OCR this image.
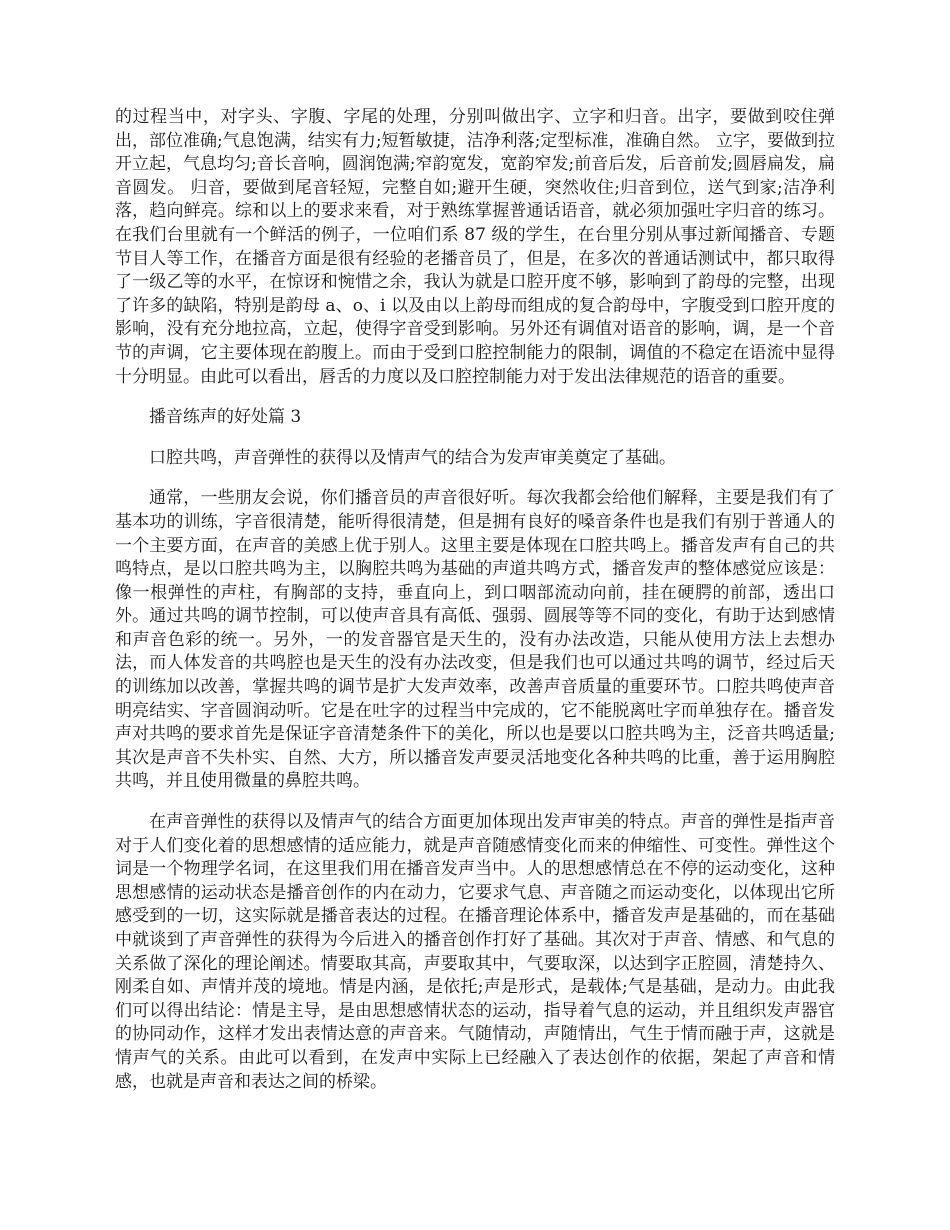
的过程当中，对字头、字腹、字尾的处理，分别叫做出字、立字和归音。出字，要做到咬住弹出，部位准确;气息饱满，结实有力;短暂敏捷，洁净利落;定型标准，准确自然。 立字，要做到拉开立起，气息均匀;音长音响，圆润饱满;窄韵宽发，宽韵窄发;前音后发，后音前发;圆唇扁发，扁音圆发。 归音，要做到尾音轻短，完整自如;避开生硬，突然收住;归音到位，送气到家;洁净利落，趋向鲜亮。综和以上的要求来看，对于熟练掌握普通话语音，就必须加强吐字归音的练习。在我们台里就有一个鲜活的例子，一位咱们系 87 级的学生，在台里分别从事过新闻播音、专题节目人等工作，在播音方面是很有经验的老播音员了，但是，在多次的普通话测试中，都只取得了一级乙等的水平，在惊讶和惋惜之余，我认为就是口腔开度不够，影响到了韵母的完整，出现了许多的缺陷，特别是韵母 a、o、i 以及由以上韵母而组成的复合韵母中，字腹受到口腔开度的影响，没有充分地拉高，立起，使得字音受到影响。另外还有调值对语音的影响，调，是一个音节的声调，它主要体现在韵腹上。而由于受到口腔控制能力的限制，调值的不稳定在语流中显得十分明显。由此可以看出，唇舌的力度以及口腔控制能力对于发出法律规范的语音的重要。

播音练声的好处篇 3

口腔共鸣，声音弹性的获得以及情声气的结合为发声审美奠定了基础。

通常，一些朋友会说，你们播音员的声音很好听。每次我都会给他们解释，主要是我们有了基本功的训练，字音很清楚，能听得很清楚，但是拥有良好的嗓音条件也是我们有别于普通人的一个主要方面，在声音的美感上优于别人。这里主要是体现在口腔共鸣上。播音发声有自己的共鸣特点，是以口腔共鸣为主，以胸腔共鸣为基础的声道共鸣方式，播音发声的整体感觉应该是：像一根弹性的声柱，有胸部的支持，垂直向上，到口咽部流动向前，挂在硬腭的前部，透出口外。通过共鸣的调节控制，可以使声音具有高低、强弱、圆展等等不同的变化，有助于达到感情和声音色彩的统一。另外，一的发音器官是天生的，没有办法改造，只能从使用方法上去想办法，而人体发音的共鸣腔也是天生的没有办法改变，但是我们也可以通过共鸣的调节，经过后天的训练加以改善，掌握共鸣的调节是扩大发声效率，改善声音质量的重要环节。口腔共鸣使声音明亮结实、字音圆润动听。它是在吐字的过程当中完成的，它不能脱离吐字而单独存在。播音发声对共鸣的要求首先是保证字音清楚条件下的美化，所以也是要以口腔共鸣为主，泛音共鸣适量;其次是声音不失朴实、自然、大方，所以播音发声要灵活地变化各种共鸣的比重，善于运用胸腔共鸣，并且使用微量的鼻腔共鸣。

在声音弹性的获得以及情声气的结合方面更加体现出发声审美的特点。声音的弹性是指声音对于人们变化着的思想感情的适应能力，就是声音随感情变化而来的伸缩性、可变性。弹性这个词是一个物理学名词，在这里我们用在播音发声当中。人的思想感情总在不停的运动变化，这种思想感情的运动状态是播音创作的内在动力，它要求气息、声音随之而运动变化，以体现出它所感受到的一切，这实际就是播音表达的过程。在播音理论体系中，播音发声是基础的，而在基础中就谈到了声音弹性的获得为今后进入的播音创作打好了基础。其次对于声音、情感、和气息的关系做了深化的理论阐述。情要取其高，声要取其中，气要取深，以达到字正腔圆，清楚持久、刚柔自如、声情并茂的境地。情是内涵，是依托;声是形式，是载体;气是基础，是动力。由此我们可以得出结论：情是主导，是由思想感情状态的运动，指导着气息的运动，并且组织发声器官的协同动作，这样才发出表情达意的声音来。气随情动，声随情出，气生于情而融于声，这就是情声气的关系。由此可以看到，在发声中实际上已经融入了表达创作的依据，架起了声音和情感，也就是声音和表达之间的桥梁。
